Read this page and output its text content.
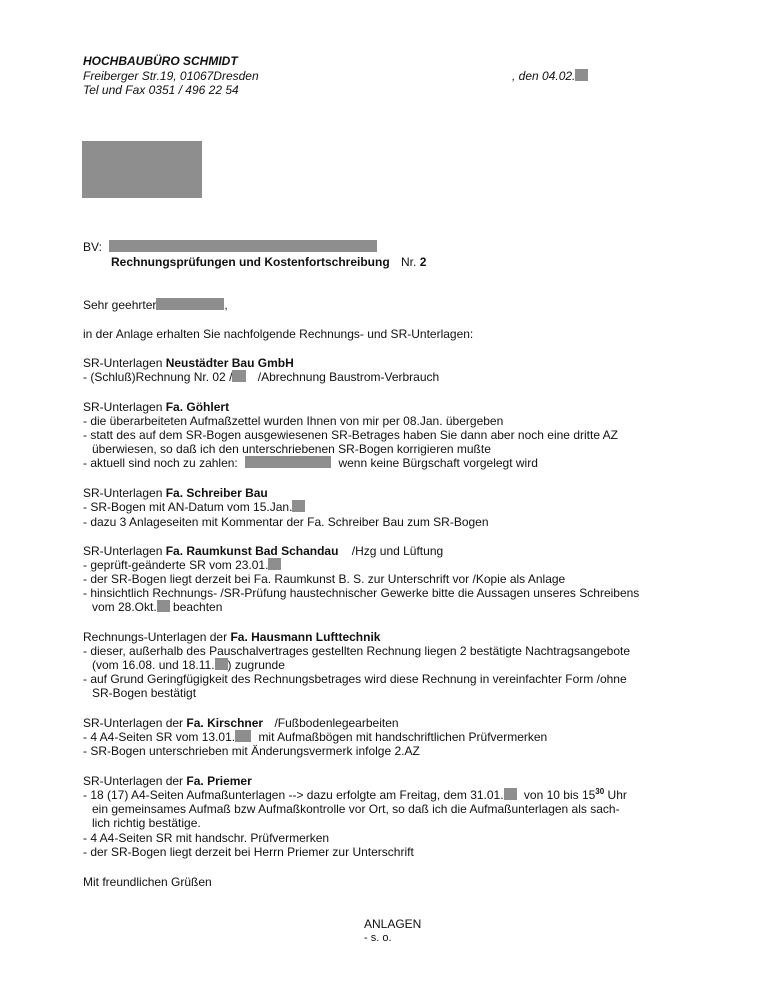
HOCHBAUBÜRO SCHMIDT
Freiberger Str.19, 01067Dresden
Tel und Fax 0351 / 496 22 54
, den 04.02.
BV:
Rechnungsprüfungen und Kostenfortschreibung Nr. 2
Sehr geehrter	,
in der Anlage erhalten Sie nachfolgende Rechnungs- und SR-Unterlagen:
SR-Unterlagen Neustädter Bau GmbH
- (Schluß)Rechnung Nr. 02 / /Abrechnung Baustrom-Verbrauch
SR-Unterlagen Fa. Göhlert
- die überarbeiteten Aufmaßzettel wurden Ihnen von mir per 08.Jan. übergeben
- statt des auf dem SR-Bogen ausgewiesenen SR-Betrages haben Sie dann aber noch eine dritte AZ
überwiesen, so daß ich den unterschriebenen SR-Bogen korrigieren mußte
- aktuell sind noch zu zahlen:	wenn keine Bürgschaft vorgelegt wird
SR-Unterlagen Fa. Schreiber Bau
- SR-Bogen mit AN-Datum vom 15.Jan.
- dazu 3 Anlageseiten mit Kommentar der Fa. Schreiber Bau zum SR-Bogen
SR-Unterlagen Fa. Raumkunst Bad Schandau /Hzg und Lüftung
- geprüft-geänderte SR vom 23.01.
- der SR-Bogen liegt derzeit bei Fa. Raumkunst B. S. zur Unterschrift vor /Kopie als Anlage
- hinsichtlich Rechnungs- /SR-Prüfung haustechnischer Gewerke bitte die Aussagen unseres Schreibens
vom 28.Okt. beachten
Rechnungs-Unterlagen der Fa. Hausmann Lufttechnik
- dieser, außerhalb des Pauschalvertrages gestellten Rechnung liegen 2 bestätigte Nachtragsangebote
(vom 16.08. und 18.11. ) zugrunde
- auf Grund Geringfügigkeit des Rechnungsbetrages wird diese Rechnung in vereinfachter Form /ohne
SR-Bogen bestätigt
SR-Unterlagen der Fa. Kirschner /Fußbodenlegearbeiten
- 4 A4-Seiten SR vom 13.01. mit Aufmaßbögen mit handschriftlichen Prüfvermerken
- SR-Bogen unterschrieben mit Änderungsvermerk infolge 2.AZ
SR-Unterlagen der Fa. Priemer
- 18 (17) A4-Seiten Aufmaßunterlagen --> dazu erfolgte am Freitag, dem 31.01. von 10 bis $15^{30}$ Uhr
ein gemeinsames Aufmaß bzw Aufmaßkontrolle vor Ort, so daß ich die Aufmaßunterlagen als sach-
lich richtig bestätige.
- 4 A4-Seiten SR mit handschr. Prüfvermerken
- der SR-Bogen liegt derzeit bei Herrn Priemer zur Unterschrift
Mit freundlichen Grüßen
ANLAGEN
- s. o.
